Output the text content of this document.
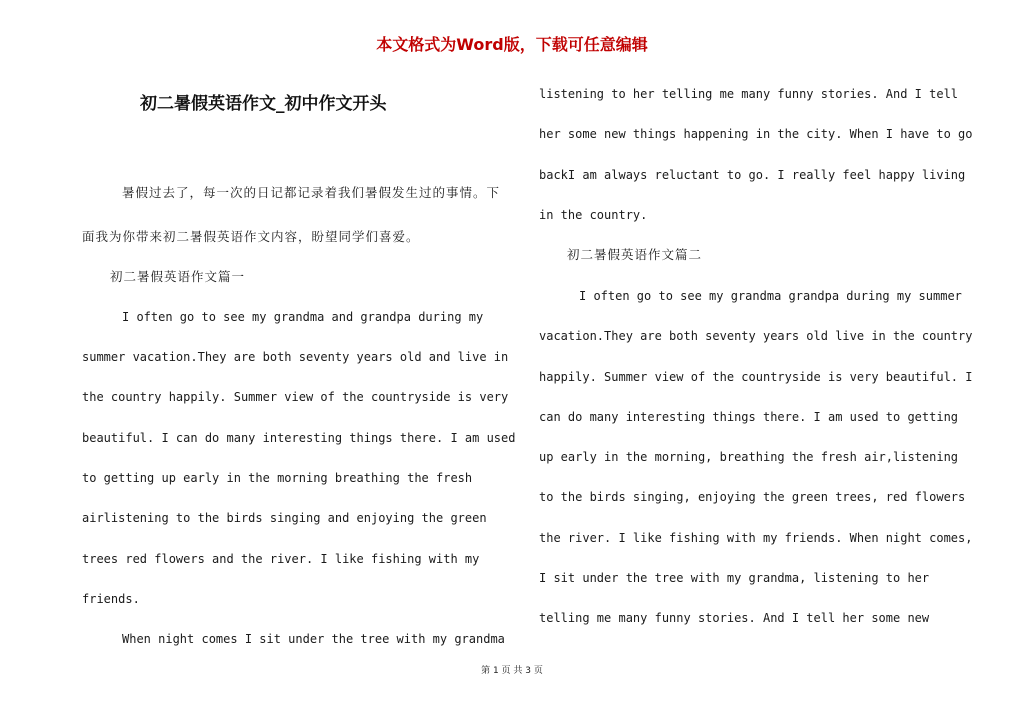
本文格式为Word版，下载可任意编辑
初二暑假英语作文_初中作文开头
暑假过去了，每一次的日记都记录着我们暑假发生过的事情。下
面我为你带来初二暑假英语作文内容，盼望同学们喜爱。
初二暑假英语作文篇一
I often go to see my grandma and grandpa during my
summer vacation.They are both seventy years old and live in
the country happily. Summer view of the countryside is very
beautiful. I can do many interesting things there. I am used
to getting up early in the morning breathing the fresh
airlistening to the birds singing and enjoying the green
trees red flowers and the river. I like fishing with my
friends.
When night comes I sit under the tree with my grandma
listening to her telling me many funny stories. And I tell
her some new things happening in the city. When I have to go
backI am always reluctant to go. I really feel happy living
in the country.
初二暑假英语作文篇二
I often go to see my grandma grandpa during my summer
vacation.They are both seventy years old live in the country
happily. Summer view of the countryside is very beautiful. I
can do many interesting things there. I am used to getting
up early in the morning, breathing the fresh air,listening
to the birds singing, enjoying the green trees, red flowers
the river. I like fishing with my friends. When night comes,
I sit under the tree with my grandma, listening to her
telling me many funny stories. And I tell her some new
第 1 页 共 3 页
